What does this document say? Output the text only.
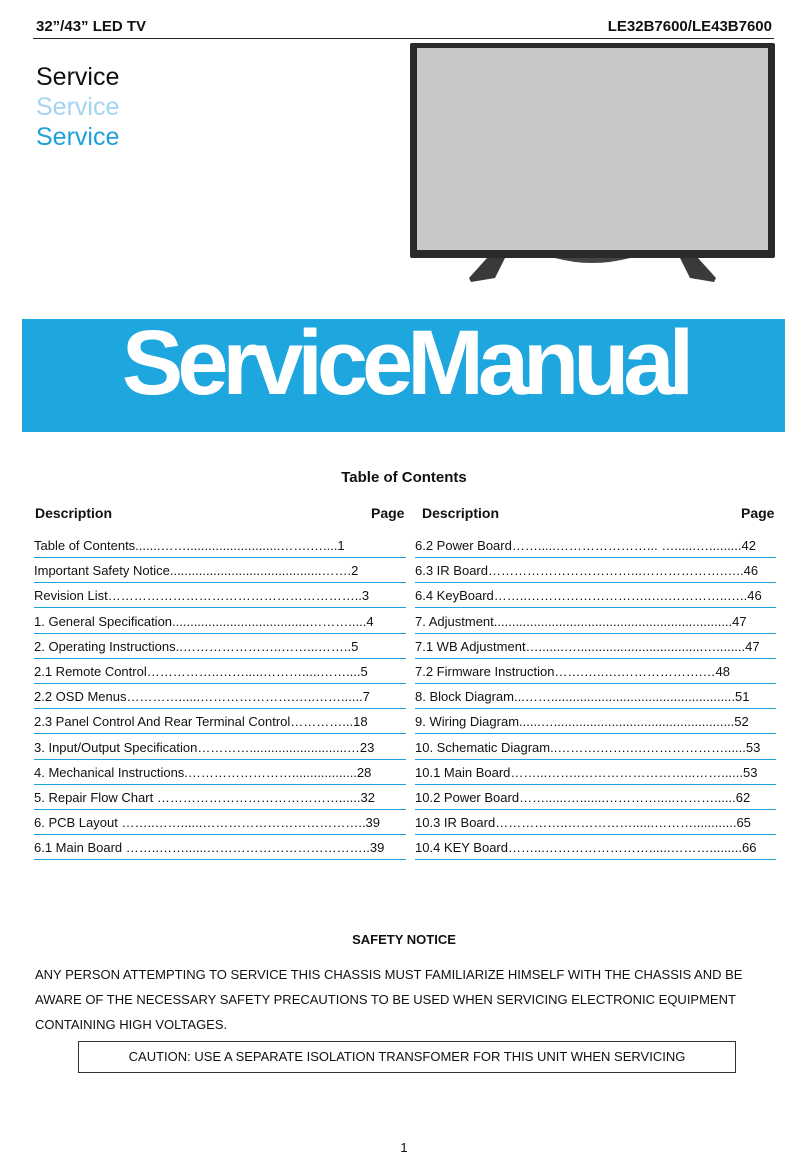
32”/43” LED TV	LE32B7600/LE43B7600
Service
Service
Service
ServiceManual
Table of Contents
Description	Page Description	Page
Table of Contents.......……..........................…….…....1
Important Safety Notice..........................................…….2
Revision List…………………………………………………..3
1. General Specification......................................……….....4
2. Operating Instructions..…………………..……...……..5
2.1 Remote Control……………..…….....……….....……....5
2.2 OSD Menus…………......………………….…..……......7
2.3 Panel Control And Rear Terminal Control…………...18
3. Input/Output Specification…………...........................…23
4. Mechanical Instructions.……………………..................28
5. Repair Flow Chart ……………………………………......32
6. PCB Layout ……..……......………………………………..39
6.1 Main Board ……..……......………………………………..39
6.2 Power Board…….....…………………... …......….........42
6.3 IR Board……………………………...……………….…..46
6.4 KeyBoard……..………………………..….…………..…..46
7. Adjustment..................................................................47
7.1 WB Adjustment….......…...................................…........47
7.2 Firmware Instruction…….…..….……………….…48
8. Block Diagram...……...................................................51
9. Wiring Diagram......…..................................................52
10. Schematic Diagram..……….…….….………………......53
10.1 Main Board……...……..……………………...……......53
10.2 Power Board……......….......………….....………......62
10.3 IR Board……………..……………......………............65
10.4 KEY Board……...……………………......……….........66
SAFETY NOTICE

ANY PERSON ATTEMPTING TO SERVICE THIS CHASSIS MUST FAMILIARIZE HIMSELF WITH THE CHASSIS AND BE AWARE OF THE NECESSARY SAFETY PRECAUTIONS TO BE USED WHEN SERVICING ELECTRONIC EQUIPMENT CONTAINING HIGH VOLTAGES.

CAUTION: USE A SEPARATE ISOLATION TRANSFOMER FOR THIS UNIT WHEN SERVICING
1
